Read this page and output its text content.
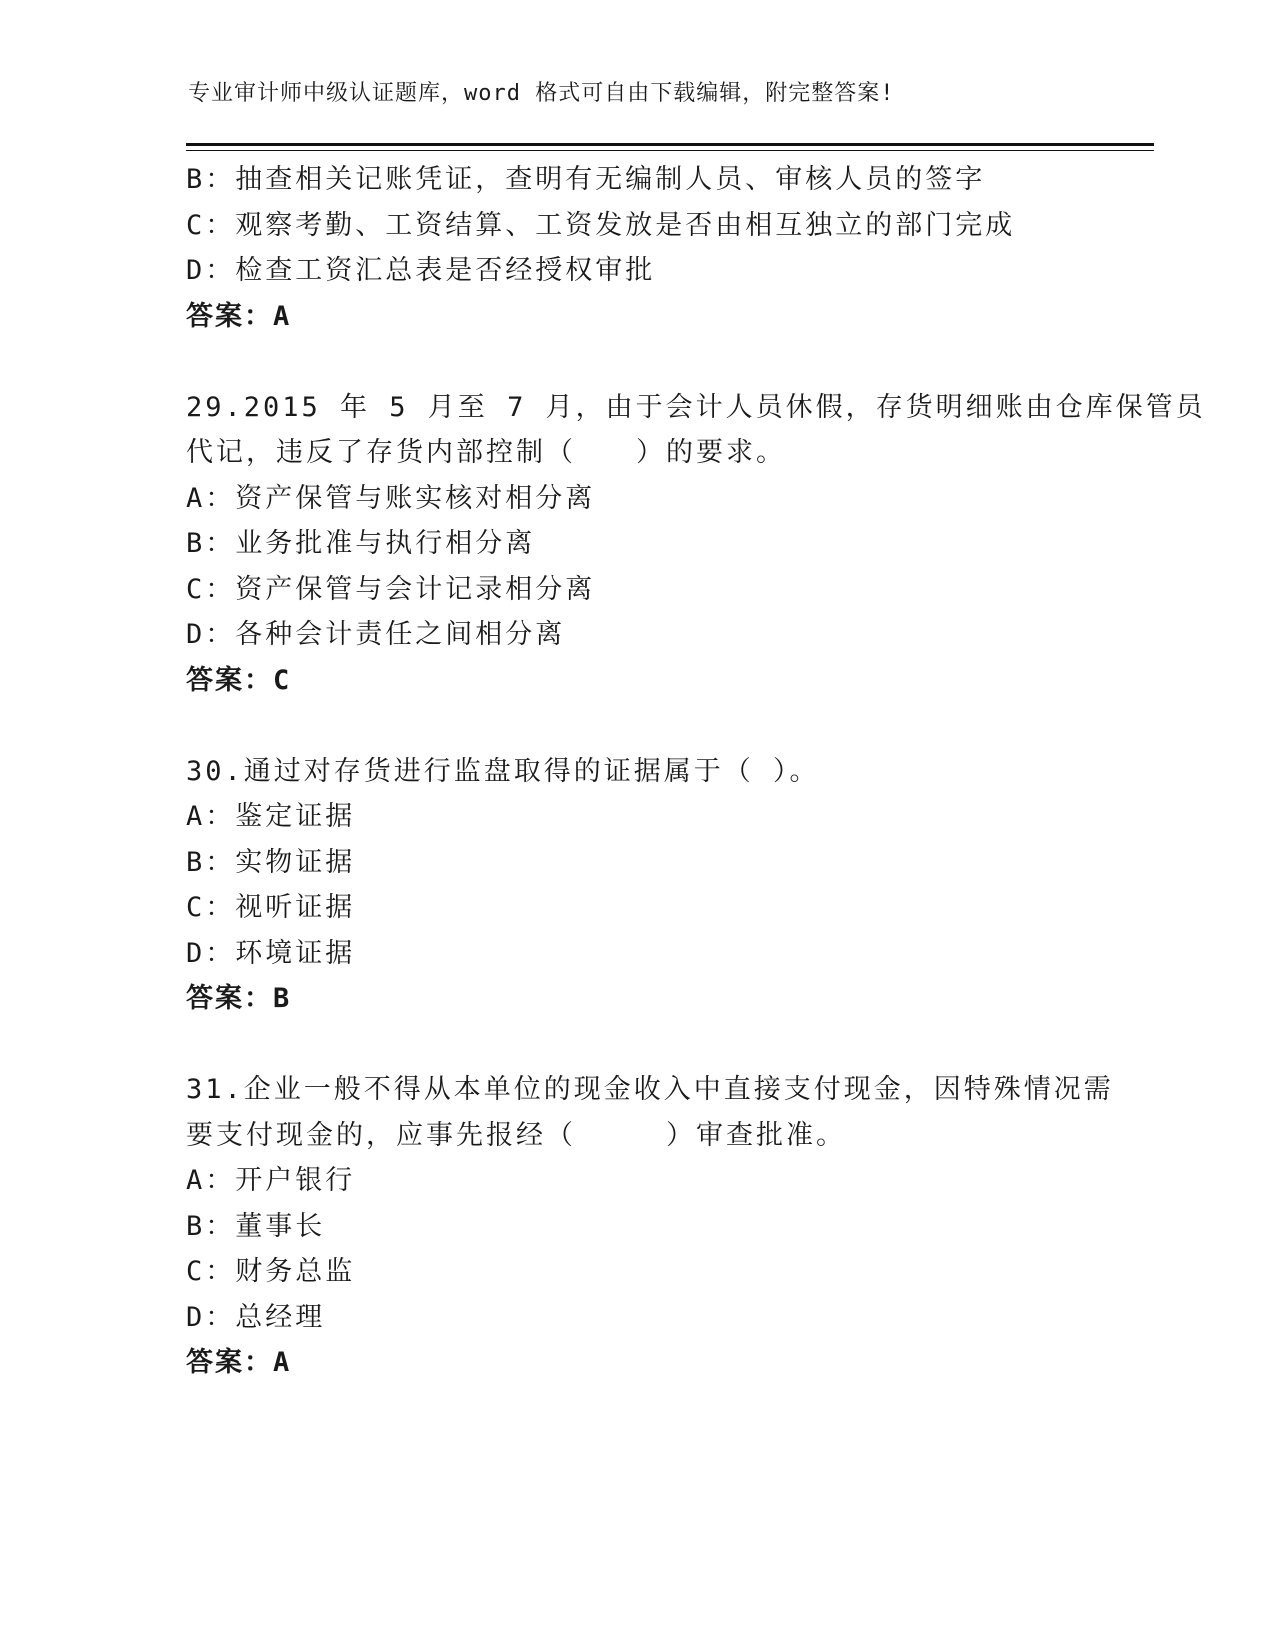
专业审计师中级认证题库，word 格式可自由下载编辑，附完整答案!
B：抽查相关记账凭证，查明有无编制人员、审核人员的签字
C：观察考勤、工资结算、工资发放是否由相互独立的部门完成
D：检查工资汇总表是否经授权审批
答案：A
29.2015 年 5 月至 7 月，由于会计人员休假，存货明细账由仓库保管员
代记，违反了存货内部控制（　　）的要求。
A：资产保管与账实核对相分离
B：业务批准与执行相分离
C：资产保管与会计记录相分离
D：各种会计责任之间相分离
答案：C
30.通过对存货进行监盘取得的证据属于（ ）。
A：鉴定证据
B：实物证据
C：视听证据
D：环境证据
答案：B
31.企业一般不得从本单位的现金收入中直接支付现金，因特殊情况需
要支付现金的，应事先报经（　　　）审查批准。
A：开户银行
B：董事长
C：财务总监
D：总经理
答案：A
